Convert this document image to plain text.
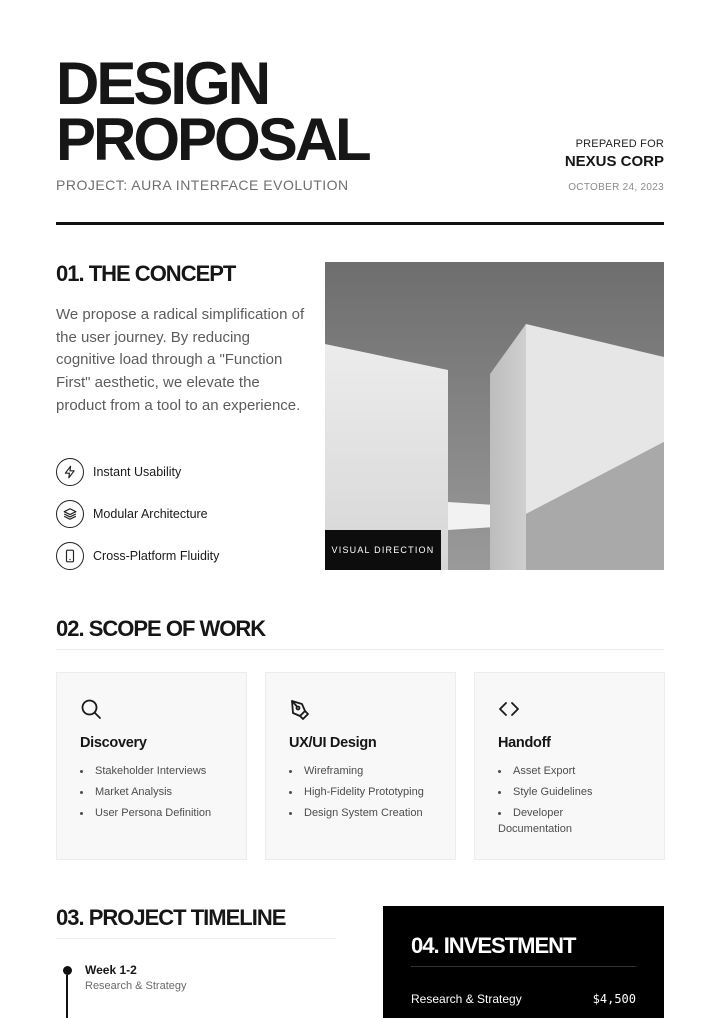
DESIGN
PROPOSAL
PROJECT: AURA INTERFACE EVOLUTION
PREPARED FOR
NEXUS CORP
OCTOBER 24, 2023
01. THE CONCEPT
We propose a radical simplification of the user journey. By reducing cognitive load through a "Function First" aesthetic, we elevate the product from a tool to an experience.
Instant Usability
Modular Architecture
Cross-Platform Fluidity	VISUAL DIRECTION
02. SCOPE OF WORK
Discovery
Stakeholder Interviews
Market Analysis
User Persona Definition
UX/UI Design
Wireframing
High-Fidelity Prototyping
Design System Creation
Handoff
Asset Export
Style Guidelines
Developer Documentation
03. PROJECT TIMELINE
Week 1-2
Research & Strategy
04. INVESTMENT
Research & Strategy	$4,500
